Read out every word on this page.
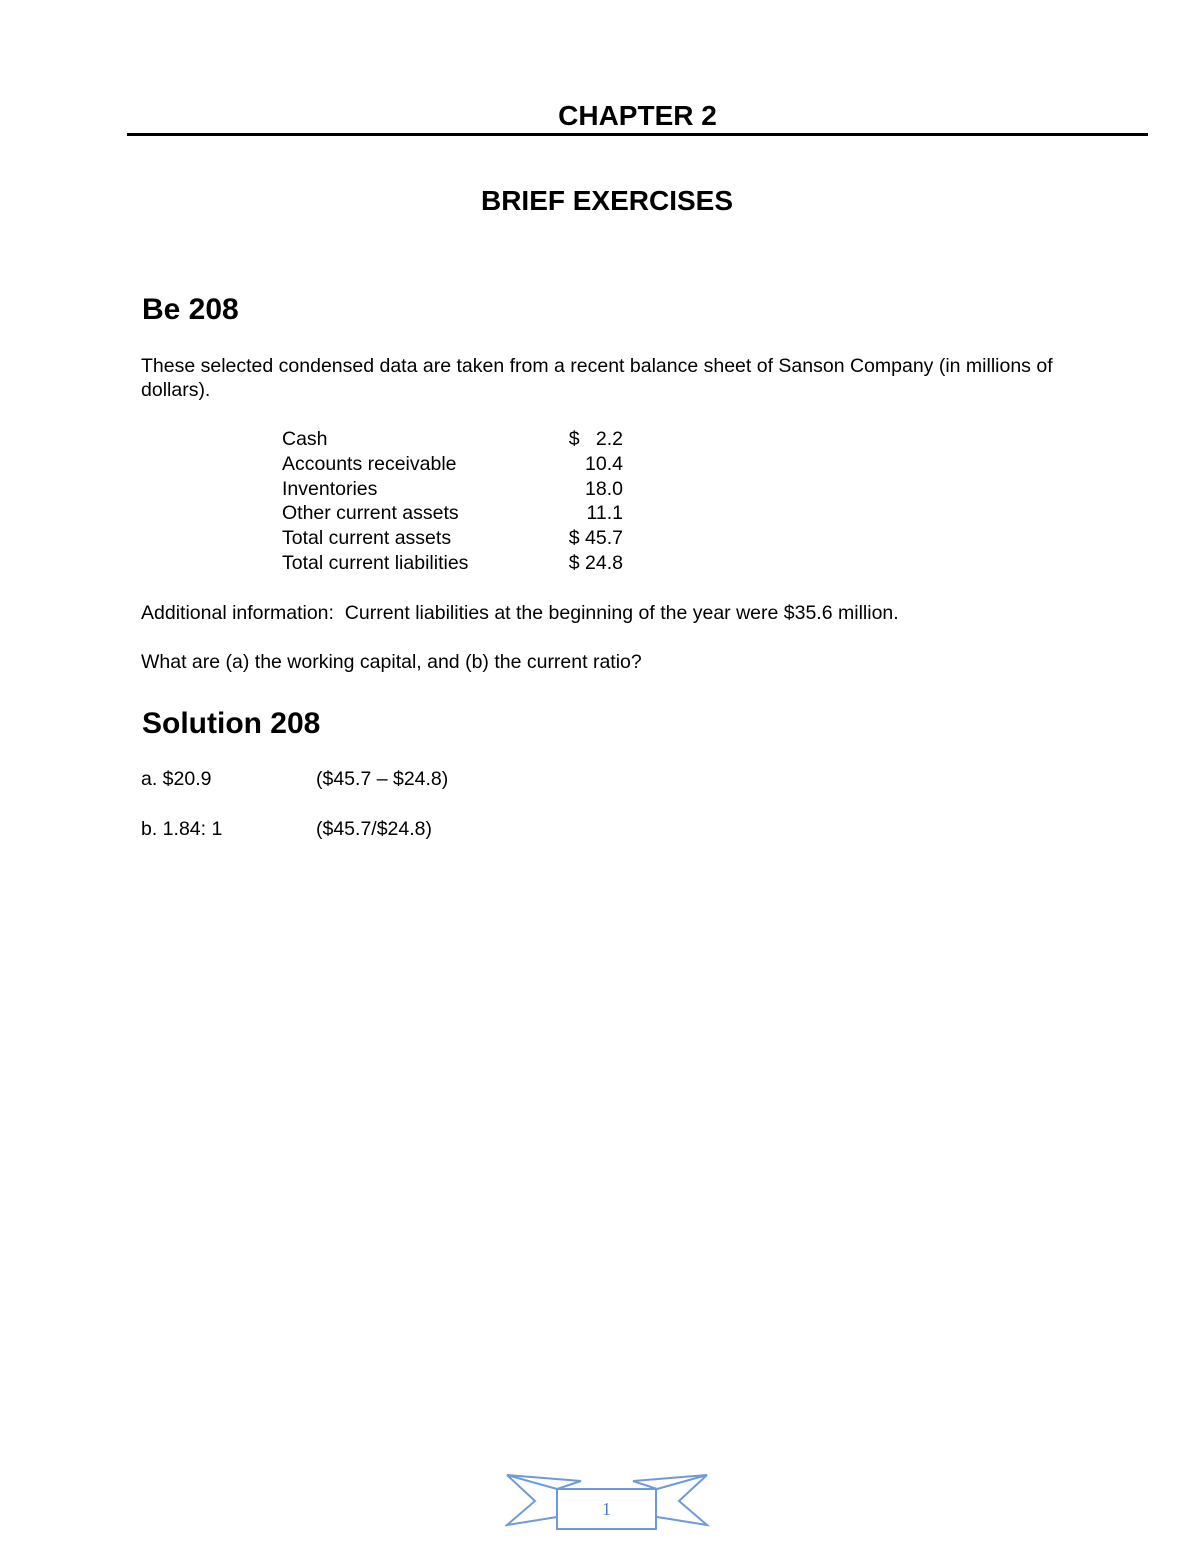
CHAPTER 2
BRIEF EXERCISES
Be 208
These selected condensed data are taken from a recent balance sheet of Sanson Company (in millions of dollars).
Cash	$   2.2
Accounts receivable	10.4
Inventories	18.0
Other current assets	11.1
Total current assets	$ 45.7
Total current liabilities	$ 24.8
Additional information:  Current liabilities at the beginning of the year were $35.6 million.
What are (a) the working capital, and (b) the current ratio?
Solution 208
a. $20.9	($45.7 – $24.8)
b. 1.84: 1	($45.7/$24.8)
1
